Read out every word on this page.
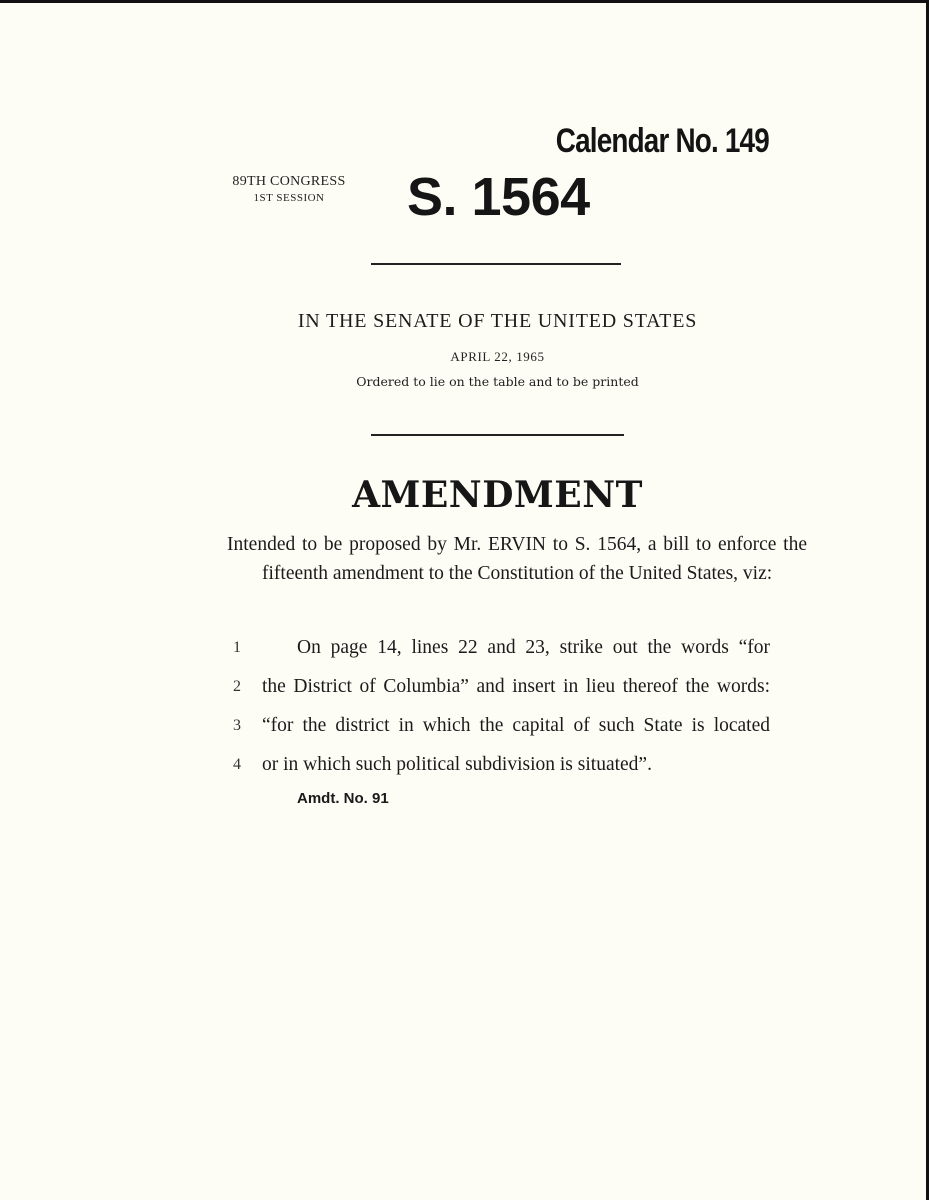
Calendar No. 149
89TH CONGRESS
1ST SESSION	S. 1564
IN THE SENATE OF THE UNITED STATES
APRIL 22, 1965
Ordered to lie on the table and to be printed
AMENDMENT
Intended to be proposed by Mr. ERVIN to S. 1564, a bill to enforce the fifteenth amendment to the Constitution of the United States, viz:
1	On page 14, lines 22 and 23, strike out the words “for
2	the District of Columbia” and insert in lieu thereof the words:
3	“for the district in which the capital of such State is located
4	or in which such political subdivision is situated”.
Amdt. No. 91
